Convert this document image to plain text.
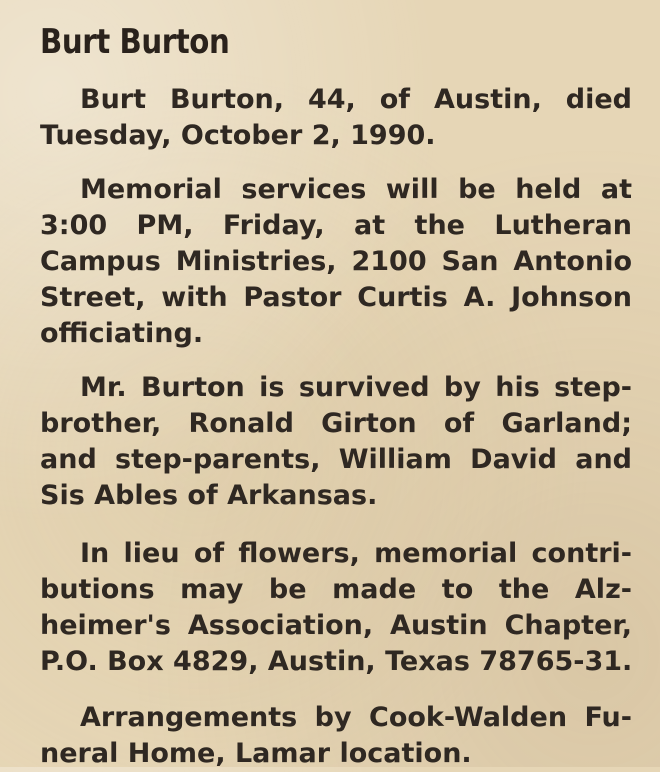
Burt Burton

Burt Burton, 44, of Austin, died
Tuesday, October 2, 1990.

Memorial services will be held at
3:00 PM, Friday, at the Lutheran
Campus Ministries, 2100 San Antonio
Street, with Pastor Curtis A. Johnson
officiating.

Mr. Burton is survived by his step-
brother, Ronald Girton of Garland;
and step-parents, William David and
Sis Ables of Arkansas.

In lieu of flowers, memorial contri-
butions may be made to the Alz-
heimer's Association, Austin Chapter,
P.O. Box 4829, Austin, Texas 78765-31.

Arrangements by Cook-Walden Fu-
neral Home, Lamar location.
